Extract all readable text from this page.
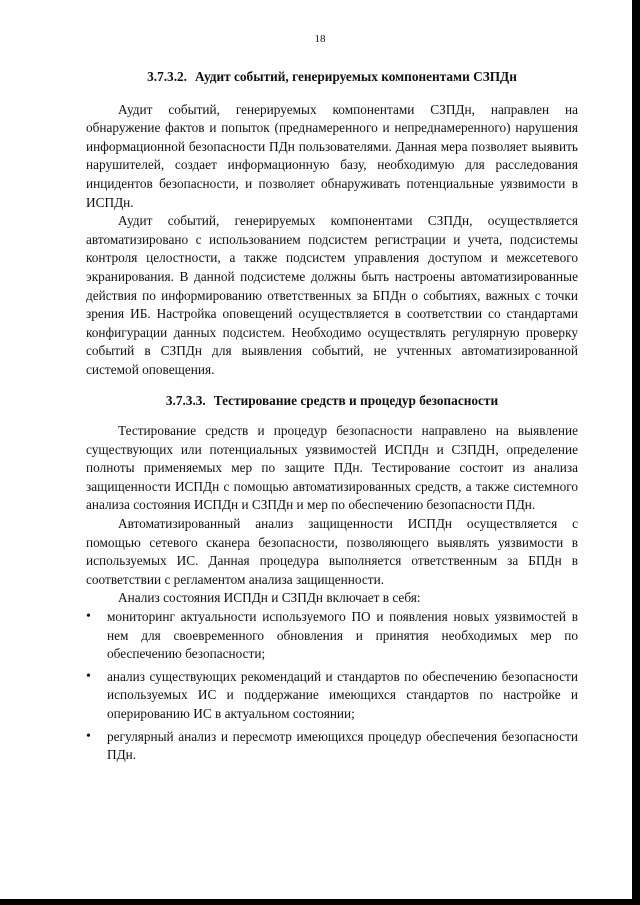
18
3.7.3.2. Аудит событий, генерируемых компонентами СЗПДн

Аудит событий, генерируемых компонентами СЗПДн, направлен на обнаружение фактов и попыток (преднамеренного и непреднамеренного) нарушения информационной безопасности ПДн пользователями. Данная мера позволяет выявить нарушителей, создает информационную базу, необходимую для расследования инцидентов безопасности, и позволяет обнаруживать потенциальные уязвимости в ИСПДн.

Аудит событий, генерируемых компонентами СЗПДн, осуществляется автоматизировано с использованием подсистем регистрации и учета, подсистемы контроля целостности, а также подсистем управления доступом и межсетевого экранирования. В данной подсистеме должны быть настроены автоматизированные действия по информированию ответственных за БПДн о событиях, важных с точки зрения ИБ. Настройка оповещений осуществляется в соответствии со стандартами конфигурации данных подсистем. Необходимо осуществлять регулярную проверку событий в СЗПДн для выявления событий, не учтенных автоматизированной системой оповещения.

3.7.3.3. Тестирование средств и процедур безопасности

Тестирование средств и процедур безопасности направлено на выявление существующих или потенциальных уязвимостей ИСПДн и СЗПДН, определение полноты применяемых мер по защите ПДн. Тестирование состоит из анализа защищенности ИСПДн с помощью автоматизированных средств, а также системного анализа состояния ИСПДн и СЗПДн и мер по обеспечению безопасности ПДн.

Автоматизированный анализ защищенности ИСПДн осуществляется с помощью сетевого сканера безопасности, позволяющего выявлять уязвимости в используемых ИС. Данная процедура выполняется ответственным за БПДн в соответствии с регламентом анализа защищенности.

Анализ состояния ИСПДн и СЗПДн включает в себя:

• мониторинг актуальности используемого ПО и появления новых уязвимостей в нем для своевременного обновления и принятия необходимых мер по обеспечению безопасности;
• анализ существующих рекомендаций и стандартов по обеспечению безопасности используемых ИС и поддержание имеющихся стандартов по настройке и оперированию ИС в актуальном состоянии;
• регулярный анализ и пересмотр имеющихся процедур обеспечения безопасности ПДн.
